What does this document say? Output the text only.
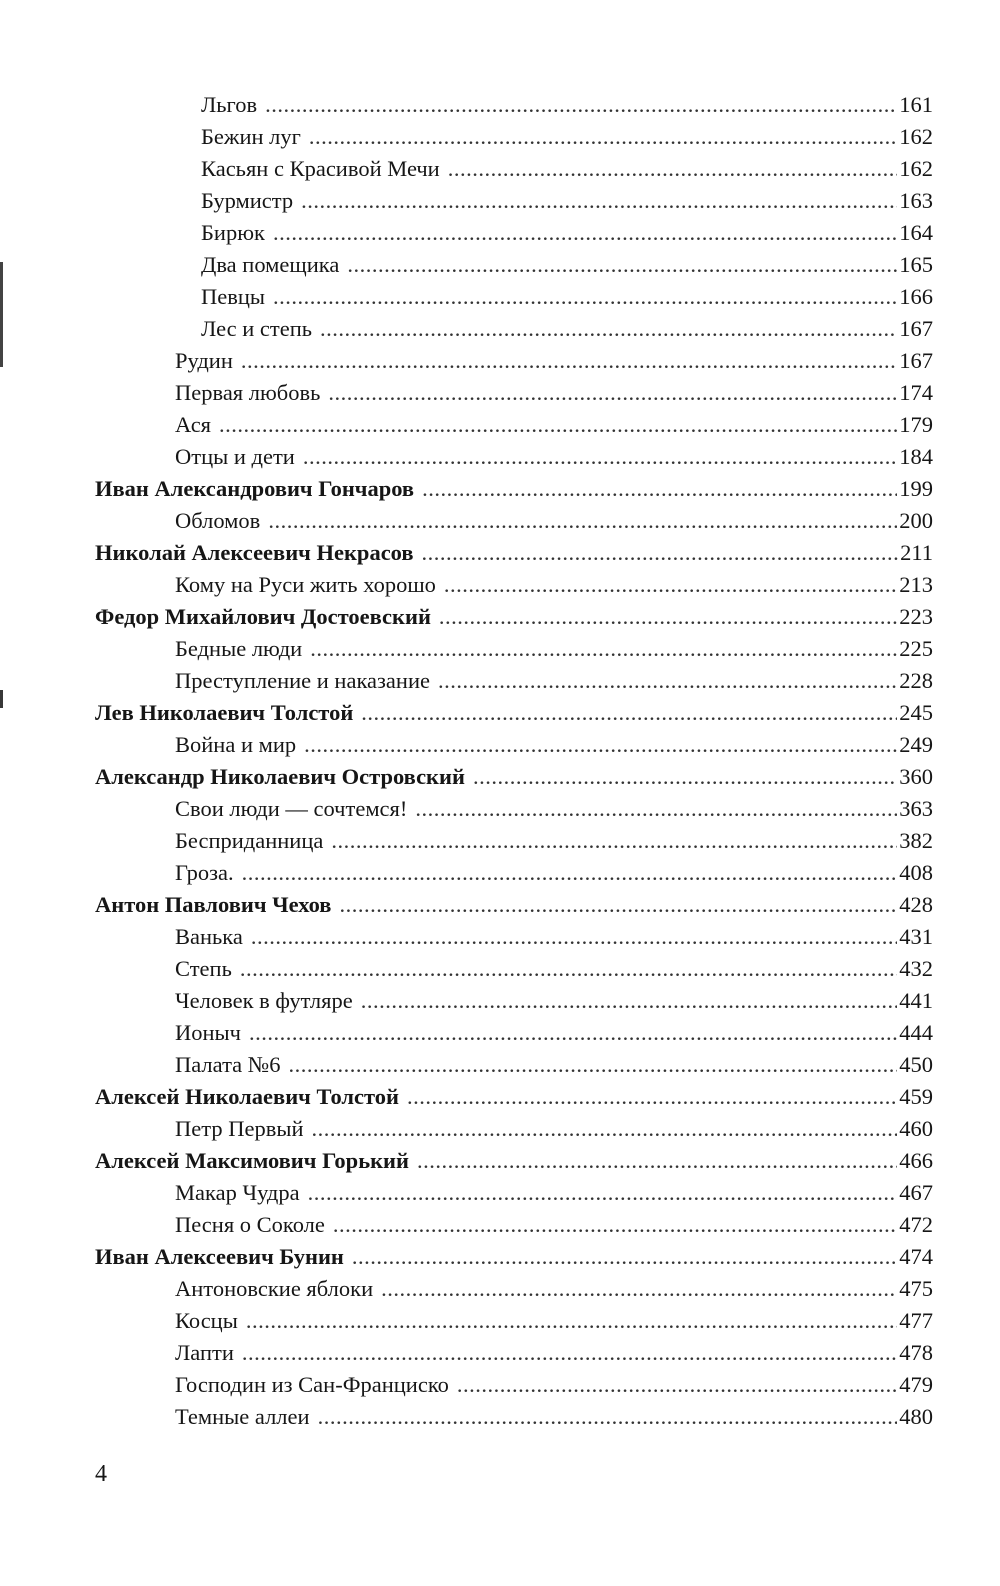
Льгов .....	161
Бежин луг .....	162
Касьян с Красивой Мечи .....	162
Бурмистр .....	163
Бирюк .....	164
Два помещика .....	165
Певцы .....	166
Лес и степь .....	167
Рудин .....	167
Первая любовь .....	174
Ася .....	179
Отцы и дети .....	184
Иван Александрович Гончаров .....	199
Обломов .....	200
Николай Алексеевич Некрасов .....	211
Кому на Руси жить хорошо .....	213
Федор Михайлович Достоевский .....	223
Бедные люди .....	225
Преступление и наказание .....	228
Лев Николаевич Толстой .....	245
Война и мир .....	249
Александр Николаевич Островский .....	360
Свои люди — сочтемся! .....	363
Бесприданница .....	382
Гроза. .....	408
Антон Павлович Чехов .....	428
Ванька .....	431
Степь .....	432
Человек в футляре .....	441
Ионыч .....	444
Палата №6 .....	450
Алексей Николаевич Толстой .....	459
Петр Первый .....	460
Алексей Максимович Горький .....	466
Макар Чудра .....	467
Песня о Соколе .....	472
Иван Алексеевич Бунин .....	474
Антоновские яблоки .....	475
Косцы .....	477
Лапти .....	478
Господин из Сан-Франциско .....	479
Темные аллеи .....	480
4
